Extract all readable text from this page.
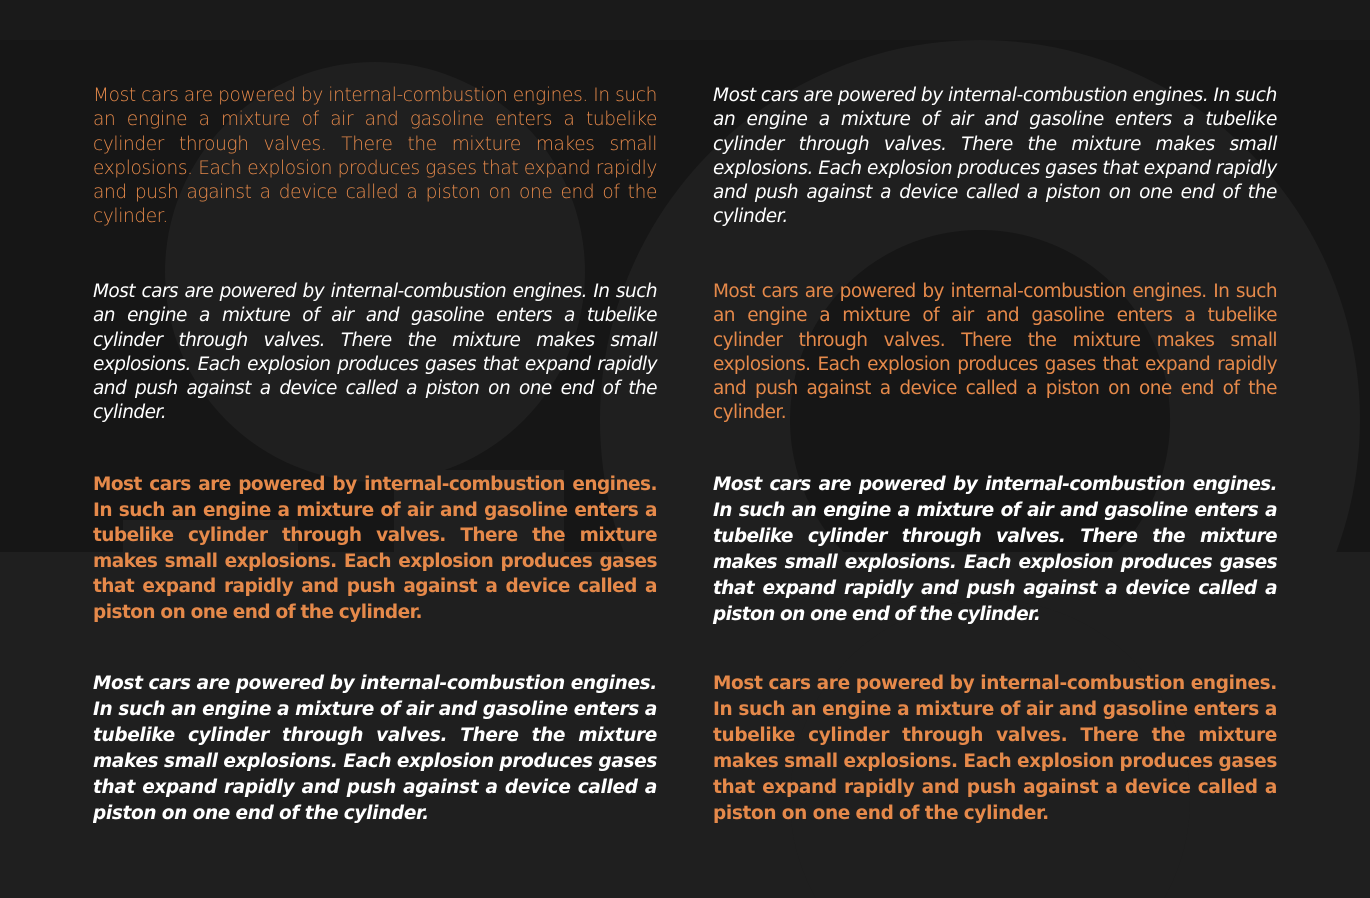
Most cars are powered by internal-combustion engines. In such an engine a mixture of air and gasoline enters a tubelike cylinder through valves. There the mixture makes small explosions. Each explosion produces gases that expand rapidly and push against a device called a piston on one end of the cylinder.

Most cars are powered by internal-combustion engines. In such an engine a mixture of air and gasoline enters a tubelike cylinder through valves. There the mixture makes small explosions. Each explosion produces gases that expand rapidly and push against a device called a piston on one end of the cylinder.

Most cars are powered by internal-combustion engines. In such an engine a mixture of air and gasoline enters a tubelike cylinder through valves. There the mixture makes small explosions. Each explosion produces gases that expand rapidly and push against a device called a piston on one end of the cylinder.

Most cars are powered by internal-combustion engines. In such an engine a mixture of air and gasoline enters a tubelike cylinder through valves. There the mixture makes small explosions. Each explosion produces gases that expand rapidly and push against a device called a piston on one end of the cylinder.

Most cars are powered by internal-combustion engines. In such an engine a mixture of air and gasoline enters a tubelike cylinder through valves. There the mixture makes small explosions. Each explosion produces gases that expand rapidly and push against a device called a piston on one end of the cylinder.

Most cars are powered by internal-combustion engines. In such an engine a mixture of air and gasoline enters a tubelike cylinder through valves. There the mixture makes small explosions. Each explosion produces gases that expand rapidly and push against a device called a piston on one end of the cylinder.

Most cars are powered by internal-combustion engines. In such an engine a mixture of air and gasoline enters a tubelike cylinder through valves. There the mixture makes small explosions. Each explosion produces gases that expand rapidly and push against a device called a piston on one end of the cylinder.

Most cars are powered by internal-combustion engines. In such an engine a mixture of air and gasoline enters a tubelike cylinder through valves. There the mixture makes small explosions. Each explosion produces gases that expand rapidly and push against a device called a piston on one end of the cylinder.
